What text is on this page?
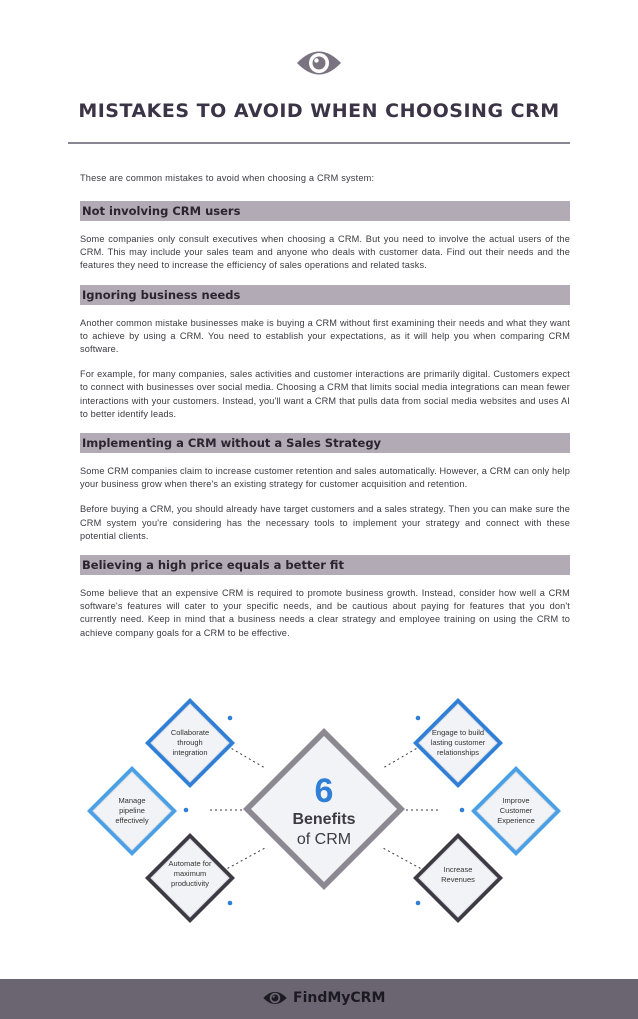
MISTAKES TO AVOID WHEN CHOOSING CRM
These are common mistakes to avoid when choosing a CRM system:
Not involving CRM users
Some companies only consult executives when choosing a CRM. But you need to involve the actual users of the CRM. This may include your sales team and anyone who deals with customer data. Find out their needs and the features they need to increase the efficiency of sales operations and related tasks.
Ignoring business needs
Another common mistake businesses make is buying a CRM without first examining their needs and what they want to achieve by using a CRM. You need to establish your expectations, as it will help you when comparing CRM software.
For example, for many companies, sales activities and customer interactions are primarily digital. Customers expect to connect with businesses over social media. Choosing a CRM that limits social media integrations can mean fewer interactions with your customers. Instead, you'll want a CRM that pulls data from social media websites and uses AI to better identify leads.
Implementing a CRM without a Sales Strategy
Some CRM companies claim to increase customer retention and sales automatically. However, a CRM can only help your business grow when there's an existing strategy for customer acquisition and retention.
Before buying a CRM, you should already have target customers and a sales strategy. Then you can make sure the CRM system you're considering has the necessary tools to implement your strategy and connect with these potential clients.
Believing a high price equals a better fit
Some believe that an expensive CRM is required to promote business growth. Instead, consider how well a CRM software's features will cater to your specific needs, and be cautious about paying for features that you don't currently need. Keep in mind that a business needs a clear strategy and employee training on using the CRM to achieve company goals for a CRM to be effective.
Collaborate
through
integration
Manage
pipeline
effectively
Automate for
maximum
productivity
Engage to build
lasting customer
relationships
Improve
Customer
Experience
Increase
Revenues
6
Benefits
of CRM
FindMyCRM
